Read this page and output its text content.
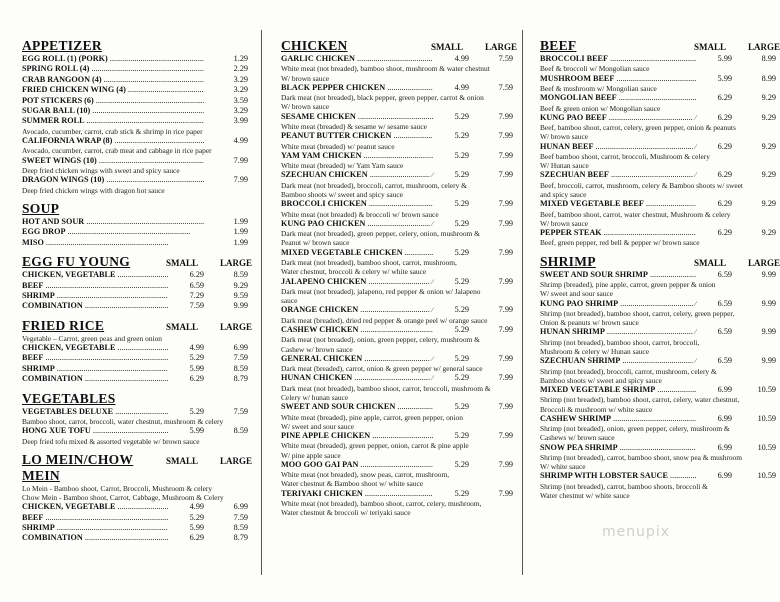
APPETIZER
EGG ROLL (1) (PORK) .....	1.29
SPRING ROLL (4) .....	2.29
CRAB RANGOON (4) .....	3.29
FRIED CHICKEN WING (4) .....	3.29
POT STICKERS (6) .....	3.59
SUGAR BALL (10) .....	3.29
SUMMER ROLL .....	3.99
Avocado, cucumber, carrot, crab stick & shrimp in rice paper
CALIFORNIA WRAP (8) .....	4.99
Avocado, cucumber, carrot, crab meat and cabbage in rice paper
SWEET WINGS (10) .....	7.99
Deep fried chicken wings with sweet and spicy sauce
DRAGON WINGS (10) .....	7.99
Deep fried chicken wings with dragon hot sauce
SOUP
HOT AND SOUR .....	1.99
EGG DROP .....	1.99
MISO .....	1.99
EGG FU YOUNG	SMALL	LARGE
CHICKEN, VEGETABLE .....	6.29	8.59
BEEF .....	6.59	9.29
SHRIMP .....	7.29	9.59
COMBINATION .....	7.59	9.99
FRIED RICE	SMALL	LARGE
Vegetable – Carrot, green peas and green onion
CHICKEN, VEGETABLE .....	4.99	6.99
BEEF .....	5.29	7.59
SHRIMP .....	5.99	8.59
COMBINATION .....	6.29	8.79
VEGETABLES
VEGETABLES DELUXE .....	5.29	7.59
Bamboo shoot, carrot, broccoli, water chestnut, mushroom & celery
HONG XUE TOFU .....	5.99	8.59
Deep fried tofu mixed & assorted vegetable w/ brown sauce
LO MEIN/CHOW MEIN
SMALL	LARGE
Lo Mein - Bamboo shoot, Carrot, Broccoli, Mushroom & celery
Chow Mein - Bamboo shoot, Carrot, Cabbage, Mushroom & Celery
CHICKEN, VEGETABLE .....	4.99	6.99
BEEF .....	5.29	7.59
SHRIMP .....	5.99	8.59
COMBINATION .....	6.29	8.79
CHICKEN	SMALL	LARGE
GARLIC CHICKEN .....	4.99	7.59
White meat (not breaded), bamboo shoot, mushroom & water chestnut
W/ brown sauce
BLACK PEPPER CHICKEN .....	4.99	7.59
Dark meat (not breaded), black pepper, green pepper, carrot & onion
W/ brown sauce
SESAME CHICKEN .....	5.29	7.99
White meat (breaded) & sesame w/ sesame sauce
PEANUT BUTTER CHICKEN .....	5.29	7.99
White meat (breaded) w/ peanut sauce
YAM YAM CHICKEN .....	5.29	7.99
White meat (breaded) w/ Yam Yam sauce
SZECHUAN CHICKEN .....	∕	5.29	7.99
Dark meat (not breaded), broccoli, carrot, mushroom, celery &
Bamboo shoots w/ sweet and spicy sauce
BROCCOLI CHICKEN .....	5.29	7.99
White meat (not breaded) & broccoli w/ brown sauce
KUNG PAO CHICKEN .....	∕	5.29	7.99
Dark meat (not breaded), green pepper, celery, onion, mushroom &
Peanut w/ brown sauce
MIXED VEGETABLE CHICKEN .....	5.29	7.99
Dark meat (not breaded), bamboo shoot, carrot, mushroom,
Water chestnut, broccoli & celery w/ white sauce
JALAPENO CHICKEN .....	∕	5.29	7.99
Dark meat (not breaded), jalapeno, red pepper & onion w/ Jalapeno
sauce
ORANGE CHICKEN .....	∕	5.29	7.99
Dark meat (breaded), dried red pepper & orange peel w/ orange sauce
CASHEW CHICKEN .....	5.29	7.99
Dark meat (not breaded), onion, green pepper, celery, mushroom &
Cashew w/ brown sauce
GENERAL CHICKEN .....	∕	5.29	7.99
Dark meat (breaded), carrot, onion & green pepper w/ general sauce
HUNAN CHICKEN .....	∕	5.29	7.99
Dark meat (not breaded), bamboo shoot, carrot, broccoli, mushroom &
Celery w/ hunan sauce
SWEET AND SOUR CHICKEN .....	5.29	7.99
White meat (breaded), pine apple, carrot, green pepper, onion
W/ sweet and sour sauce
PINE APPLE CHICKEN .....	5.29	7.99
White meat (breaded), green pepper, onion, carrot & pine apple
W/ pine apple sauce
MOO GOO GAI PAN .....	5.29	7.99
White meat (not breaded), snow peas, carrot, mushroom,
Water chestnut & Bamboo shoot w/ white sauce
TERIYAKI CHICKEN .....	5.29	7.99
White meat (not breaded), bamboo shoot, carrot, celery, mushroom,
Water chestnut & broccoli w/ teriyaki sauce
BEEF	SMALL	LARGE
BROCCOLI BEEF .....	5.99	8.99
Beef & broccoli w/ Mongolian sauce
MUSHROOM BEEF .....	5.99	8.99
Beef & mushroom w/ Mongolian sauce
MONGOLIAN BEEF .....	6.29	9.29
Beef & green onion w/ Mongolian sauce
KUNG PAO BEEF .....	∕	6.29	9.29
Beef, bamboo shoot, carrot, celery, green pepper, onion & peanuts
W/ brown sauce
HUNAN BEEF .....	∕	6.29	9.29
Beef bamboo shoot, carrot, broccoli, Mushroom & celery
W/ Hunan sauce
SZECHUAN BEEF .....	∕	6.29	9.29
Beef, broccoli, carrot, mushroom, celery & Bamboo shoots w/ sweet
and spicy sauce
MIXED VEGETABLE BEEF .....	6.29	9.29
Beef, bamboo shoot, carrot, water chestnut, Mushroom & celery
W/ brown sauce
PEPPER STEAK .....	6.29	9.29
Beef, green pepper, red bell & pepper w/ brown sauce
SHRIMP	SMALL	LARGE
SWEET AND SOUR SHRIMP .....	6.59	9.99
Shrimp (breaded), pine apple, carrot, green pepper & onion
W/ sweet and sour sauce
KUNG PAO SHRIMP .....	∕	6.59	9.99
Shrimp (not breaded), bamboo shoot, carrot, celery, green pepper,
Onion & peanuts w/ brown sauce
HUNAN SHRIMP .....	∕	6.59	9.99
Shrimp (not breaded), bamboo shoot, carrot, broccoli,
Mushroom & celery w/ Hunan sauce
SZECHUAN SHRIMP .....	∕	6.59	9.99
Shrimp (not breaded), broccoli, carrot, mushroom, celery &
Bamboo shoots w/ sweet and spicy sauce
MIXED VEGETABLE SHRIMP .....	6.99	10.59
Shrimp (not breaded), bamboo shoot, carrot, celery, water chestnut,
Broccoli & mushroom w/ white sauce
CASHEW SHRIMP .....	6.99	10.59
Shrimp (not breaded), onion, green pepper, celery, mushroom &
Cashews w/ brown sauce
SNOW PEA SHRIMP .....	6.99	10.59
Shrimp (not breaded), carrot, bamboo shoot, snow pea & mushroom
W/ white sauce
SHRIMP WITH LOBSTER SAUCE .....	6.99	10.59
Shrimp (not breaded), carrot, bamboo shoots, broccoli &
Water chestnut w/ white sauce
menupix
